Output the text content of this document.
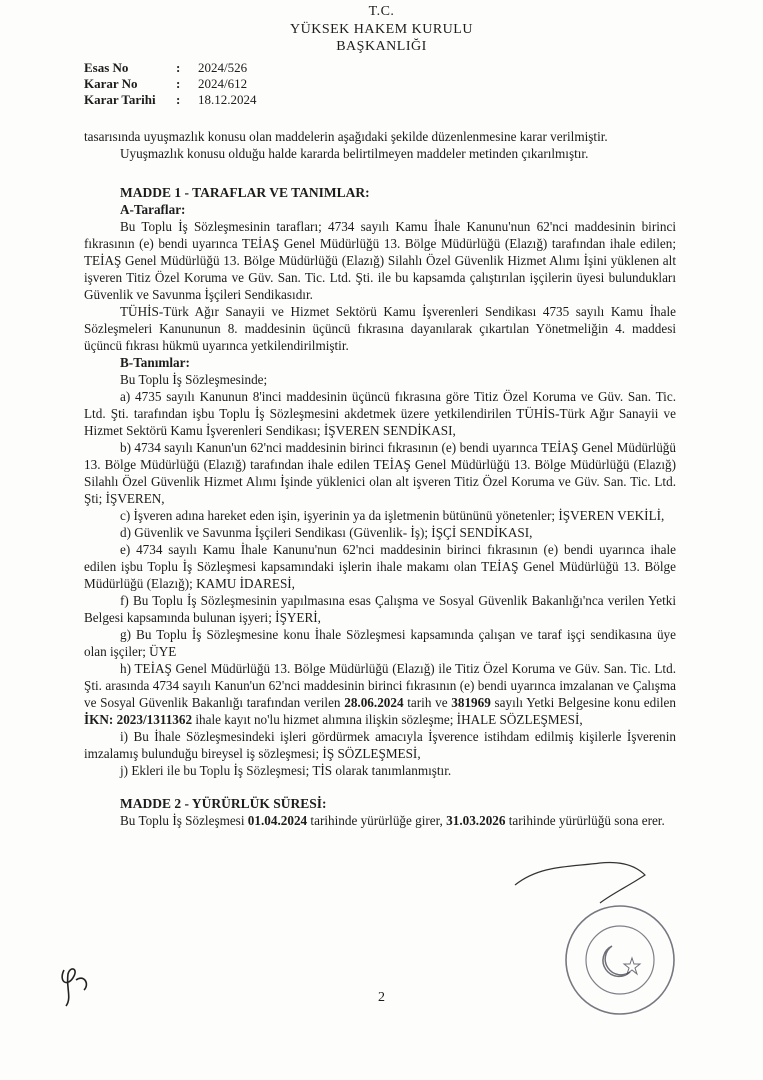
T.C.
YÜKSEK HAKEM KURULU
BAŞKANLIĞI
Esas No	:	2024/526
Karar No	:	2024/612
Karar Tarihi	:	18.12.2024

tasarısında uyuşmazlık konusu olan maddelerin aşağıdaki şekilde düzenlenmesine karar verilmiştir.

Uyuşmazlık konusu olduğu halde kararda belirtilmeyen maddeler metinden çıkarılmıştır.

MADDE 1 - TARAFLAR VE TANIMLAR:

A-Taraflar:

Bu Toplu İş Sözleşmesinin tarafları; 4734 sayılı Kamu İhale Kanunu'nun 62'nci maddesinin birinci fıkrasının (e) bendi uyarınca TEİAŞ Genel Müdürlüğü 13. Bölge Müdürlüğü (Elazığ) tarafından ihale edilen; TEİAŞ Genel Müdürlüğü 13. Bölge Müdürlüğü (Elazığ) Silahlı Özel Güvenlik Hizmet Alımı İşini yüklenen alt işveren Titiz Özel Koruma ve Güv. San. Tic. Ltd. Şti. ile bu kapsamda çalıştırılan işçilerin üyesi bulundukları Güvenlik ve Savunma İşçileri Sendikasıdır.

TÜHİS-Türk Ağır Sanayii ve Hizmet Sektörü Kamu İşverenleri Sendikası 4735 sayılı Kamu İhale Sözleşmeleri Kanununun 8. maddesinin üçüncü fıkrasına dayanılarak çıkartılan Yönetmeliğin 4. maddesi üçüncü fıkrası hükmü uyarınca yetkilendirilmiştir.

B-Tanımlar:

Bu Toplu İş Sözleşmesinde;

a) 4735 sayılı Kanunun 8'inci maddesinin üçüncü fıkrasına göre Titiz Özel Koruma ve Güv. San. Tic. Ltd. Şti. tarafından işbu Toplu İş Sözleşmesini akdetmek üzere yetkilendirilen TÜHİS-Türk Ağır Sanayii ve Hizmet Sektörü Kamu İşverenleri Sendikası; İŞVEREN SENDİKASI,

b) 4734 sayılı Kanun'un 62'nci maddesinin birinci fıkrasının (e) bendi uyarınca TEİAŞ Genel Müdürlüğü 13. Bölge Müdürlüğü (Elazığ) tarafından ihale edilen TEİAŞ Genel Müdürlüğü 13. Bölge Müdürlüğü (Elazığ) Silahlı Özel Güvenlik Hizmet Alımı İşinde yüklenici olan alt işveren Titiz Özel Koruma ve Güv. San. Tic. Ltd. Şti; İŞVEREN,

c) İşveren adına hareket eden işin, işyerinin ya da işletmenin bütününü yönetenler; İŞVEREN VEKİLİ,

d) Güvenlik ve Savunma İşçileri Sendikası (Güvenlik- İş); İŞÇİ SENDİKASI,

e) 4734 sayılı Kamu İhale Kanunu'nun 62'nci maddesinin birinci fıkrasının (e) bendi uyarınca ihale edilen işbu Toplu İş Sözleşmesi kapsamındaki işlerin ihale makamı olan TEİAŞ Genel Müdürlüğü 13. Bölge Müdürlüğü (Elazığ); KAMU İDARESİ,

f) Bu Toplu İş Sözleşmesinin yapılmasına esas Çalışma ve Sosyal Güvenlik Bakanlığı'nca verilen Yetki Belgesi kapsamında bulunan işyeri; İŞYERİ,

g) Bu Toplu İş Sözleşmesine konu İhale Sözleşmesi kapsamında çalışan ve taraf işçi sendikasına üye olan işçiler; ÜYE

h) TEİAŞ Genel Müdürlüğü 13. Bölge Müdürlüğü (Elazığ) ile Titiz Özel Koruma ve Güv. San. Tic. Ltd. Şti. arasında 4734 sayılı Kanun'un 62'nci maddesinin birinci fıkrasının (e) bendi uyarınca imzalanan ve Çalışma ve Sosyal Güvenlik Bakanlığı tarafından verilen 28.06.2024 tarih ve 381969 sayılı Yetki Belgesine konu edilen İKN: 2023/1311362 ihale kayıt no'lu hizmet alımına ilişkin sözleşme; İHALE SÖZLEŞMESİ,

i) Bu İhale Sözleşmesindeki işleri gördürmek amacıyla İşverence istihdam edilmiş kişilerle İşverenin imzalamış bulunduğu bireysel iş sözleşmesi; İŞ SÖZLEŞMESİ,

j) Ekleri ile bu Toplu İş Sözleşmesi; TİS olarak tanımlanmıştır.

MADDE 2 - YÜRÜRLÜK SÜRESİ:

Bu Toplu İş Sözleşmesi 01.04.2024 tarihinde yürürlüğe girer, 31.03.2026 tarihinde yürürlüğü sona erer.

2
